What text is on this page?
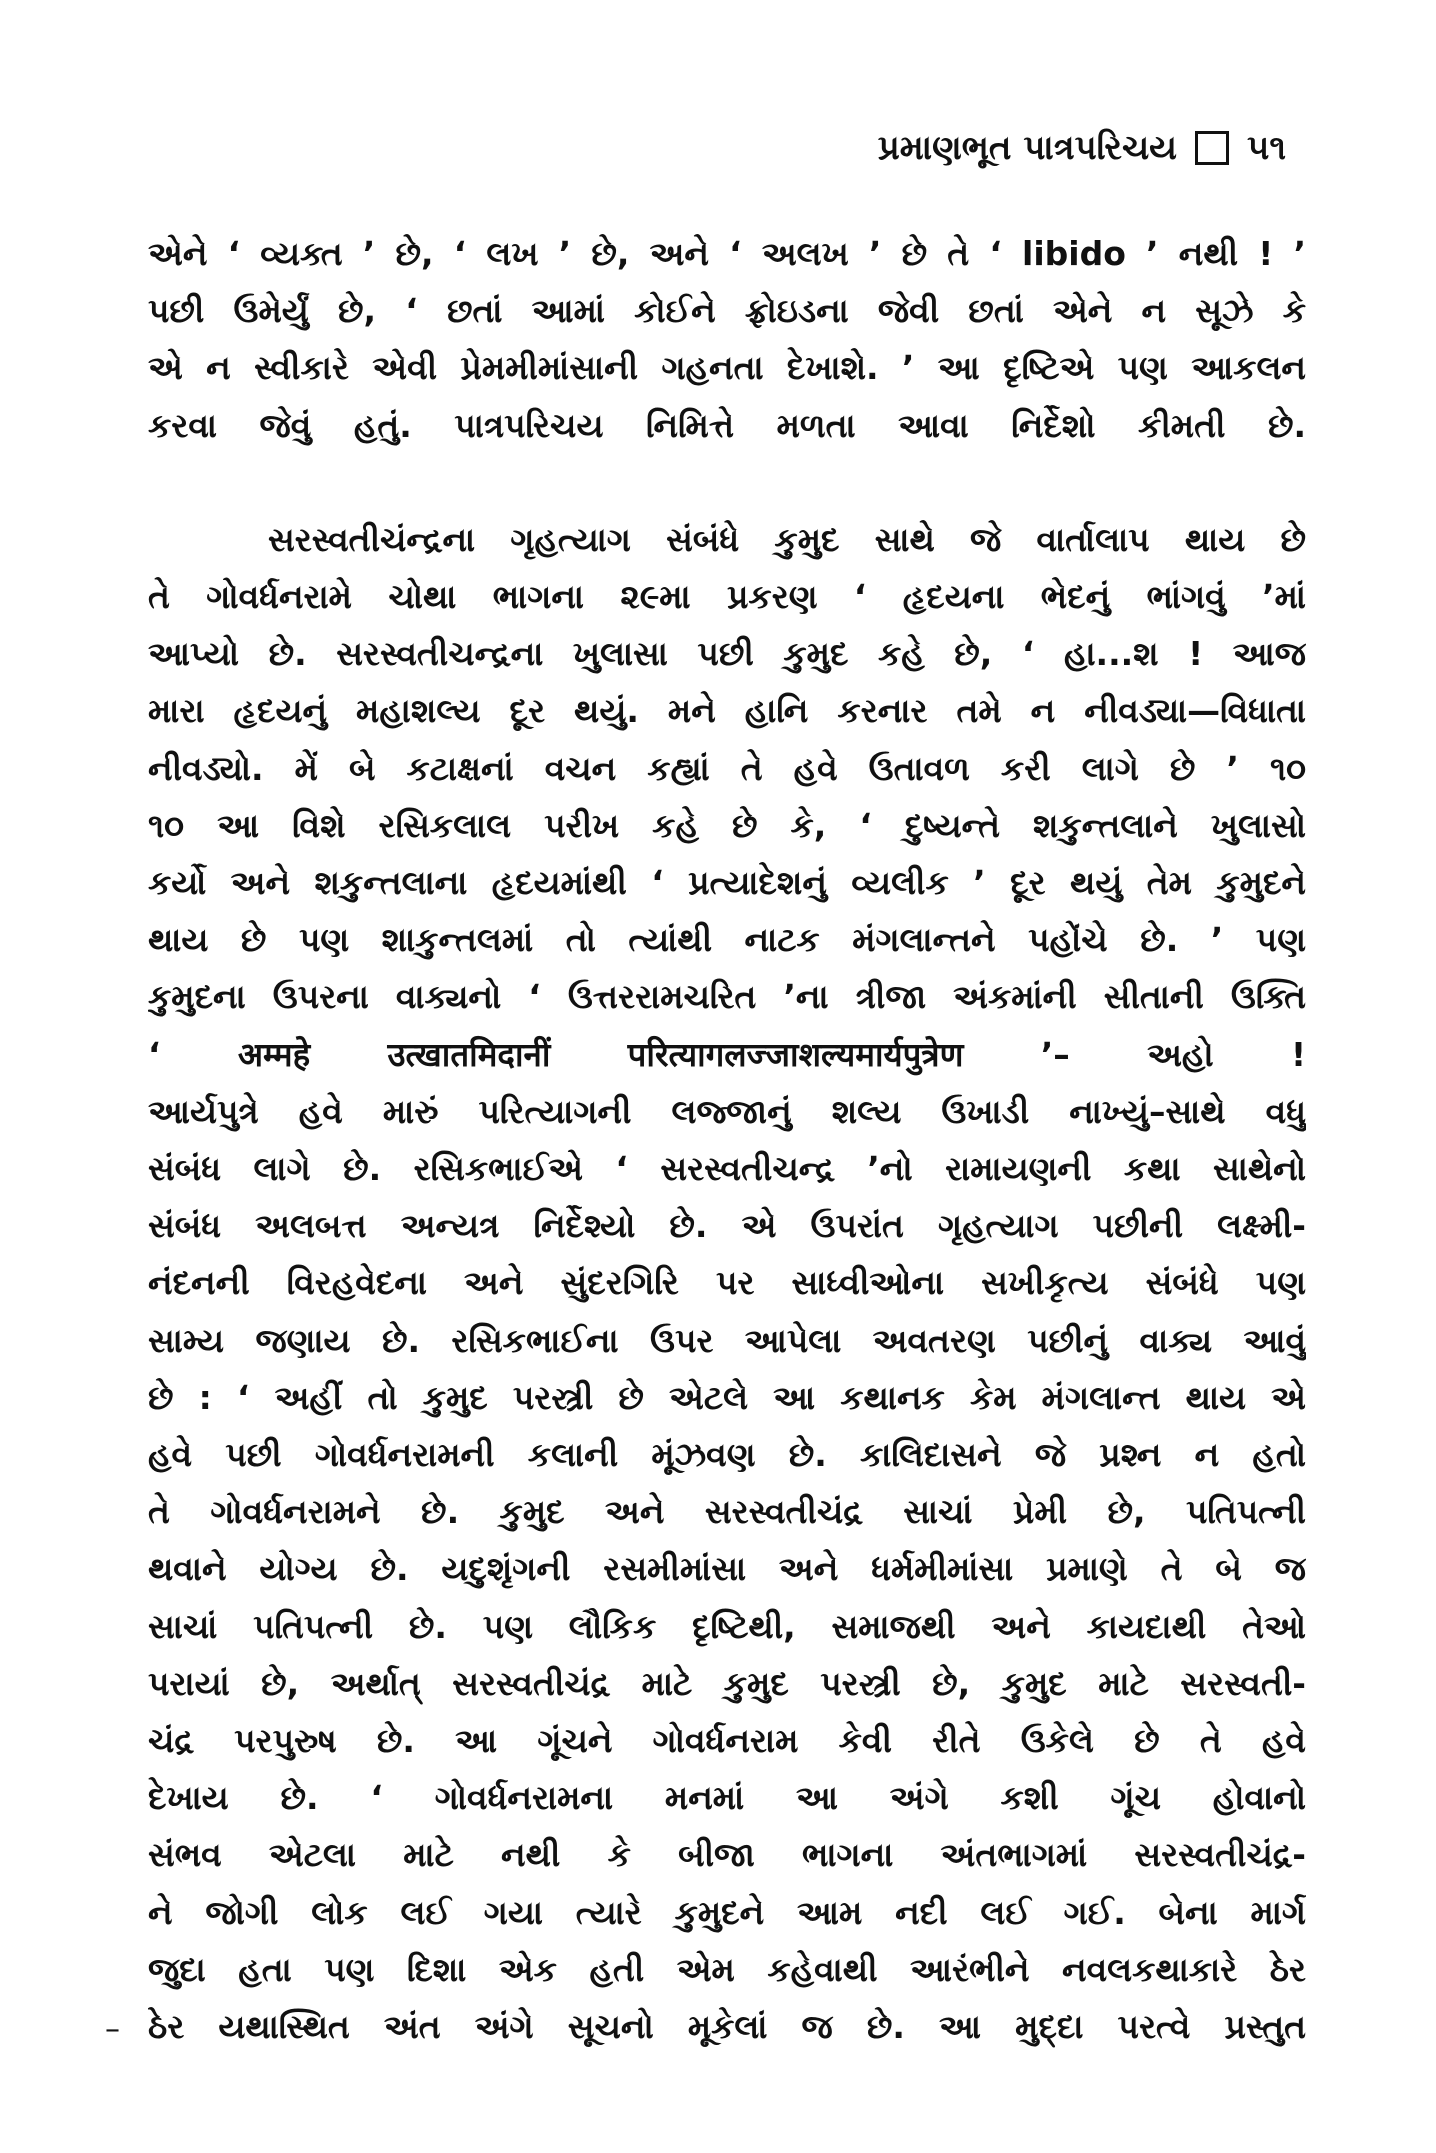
પ્રમાણભૂત પાત્રપરિચય ૫૧
એને ‘ વ્યક્ત ’ છે, ‘ લખ ’ છે, અને ‘ અલખ ’ છે તે ‘ libido ’ નથી ! ’
પછી ઉમેર્યું છે, ‘ છતાં આમાં કોઈને ફ્રોઇડના જેવી છતાં એને ન સૂઝે કે
એ ન સ્વીકારે એવી પ્રેમમીમાંસાની ગહનતા દેખાશે. ’ આ દૃષ્ટિએ પણ આકલન
કરવા જેવું હતું. પાત્રપરિચય નિમિત્તે મળતા આવા નિર્દેશો કીમતી છે.
સરસ્વતીચંન્દ્રના ગૃહત્યાગ સંબંધે કુમુદ સાથે જે વાર્તાલાપ થાય છે
તે ગોવર્ધનરામે ચોથા ભાગના ૨૯મા પ્રકરણ ‘ હૃદયના ભેદનું ભાંગવું ’માં
આપ્યો છે. સરસ્વતીચન્દ્રના ખુલાસા પછી કુમુદ કહે છે, ‘ હા...શ ! આજ
મારા હૃદયનું મહાશલ્ય દૂર થયું. મને હાનિ કરનાર તમે ન નીવડ્યા—વિધાતા
નીવડ્યો. મેં બે કટાક્ષનાં વચન કહ્યાં તે હવે ઉતાવળ કરી લાગે છે ’ ૧૦
૧૦ આ વિશે રસિકલાલ પરીખ કહે છે કે, ‘ દુષ્યન્તે શકુન્તલાને ખુલાસો
કર્યો અને શકુન્તલાના હૃદયમાંથી ‘ પ્રત્યાદેશનું વ્યલીક ’ દૂર થયું તેમ કુમુદને
થાય છે પણ શાકુન્તલમાં તો ત્યાંથી નાટક મંગલાન્તને પહોંચે છે. ’ પણ
કુમુદના ઉપરના વાક્યનો ‘ ઉત્તરરામચરિત ’ના ત્રીજા અંકમાંની સીતાની ઉક્તિ
‘ अम्महे उत्खातमिदानीं परित्यागलज्जाशल्यमार्यपुत्रेण ’– અહો !
આર્યપુત્રે હવે મારું પરિત્યાગની લજ્જાનું શલ્ય ઉખાડી નાખ્યું–સાથે વધુ
સંબંધ લાગે છે. રસિકભાઈએ ‘ સરસ્વતીચન્દ્ર ’નો રામાયણની કથા સાથેનો
સંબંધ અલબત્ત અન્યત્ર નિર્દેશ્યો છે. એ ઉપરાંત ગૃહત્યાગ પછીની લક્ષ્મી-
નંદનની વિરહવેદના અને સુંદરગિરિ પર સાધ્વીઓના સખીકૃત્ય સંબંધે પણ
સામ્ય જણાય છે. રસિકભાઈના ઉપર આપેલા અવતરણ પછીનું વાક્ય આવું
છે : ‘ અહીં તો કુમુદ પરસ્ત્રી છે એટલે આ કથાનક કેમ મંગલાન્ત થાય એ
હવે પછી ગોવર્ધનરામની કલાની મૂંઝવણ છે. કાલિદાસને જે પ્રશ્ન ન હતો
તે ગોવર્ધનરામને છે. કુમુદ અને સરસ્વતીચંદ્ર સાચાં પ્રેમી છે, પતિપત્ની
થવાને યોગ્ય છે. યદુશૃંગની રસમીમાંસા અને ધર્મમીમાંસા પ્રમાણે તે બે જ
સાચાં પતિપત્ની છે. પણ લૌકિક દૃષ્ટિથી, સમાજથી અને કાયદાથી તેઓ
પરાયાં છે, અર્થાત્ સરસ્વતીચંદ્ર માટે કુમુદ પરસ્ત્રી છે, કુમુદ માટે સરસ્વતી-
ચંદ્ર પરપુરુષ છે. આ ગૂંચને ગોવર્ધનરામ કેવી રીતે ઉકેલે છે તે હવે
દેખાય છે. ‘ ગોવર્ધનરામના મનમાં આ અંગે કશી ગૂંચ હોવાનો
સંભવ એટલા માટે નથી કે બીજા ભાગના અંતભાગમાં સરસ્વતીચંદ્ર-
ને જોગી લોક લઈ ગયા ત્યારે કુમુદને આમ નદી લઈ ગઈ. બેના માર્ગ
જુદા હતા પણ દિશા એક હતી એમ કહેવાથી આરંભીને નવલકથાકારે ઠેર
ઠેર યથાસ્થિત અંત અંગે સૂચનો મૂકેલાં જ છે. આ મુદ્દા પરત્વે પ્રસ્તુત
–
